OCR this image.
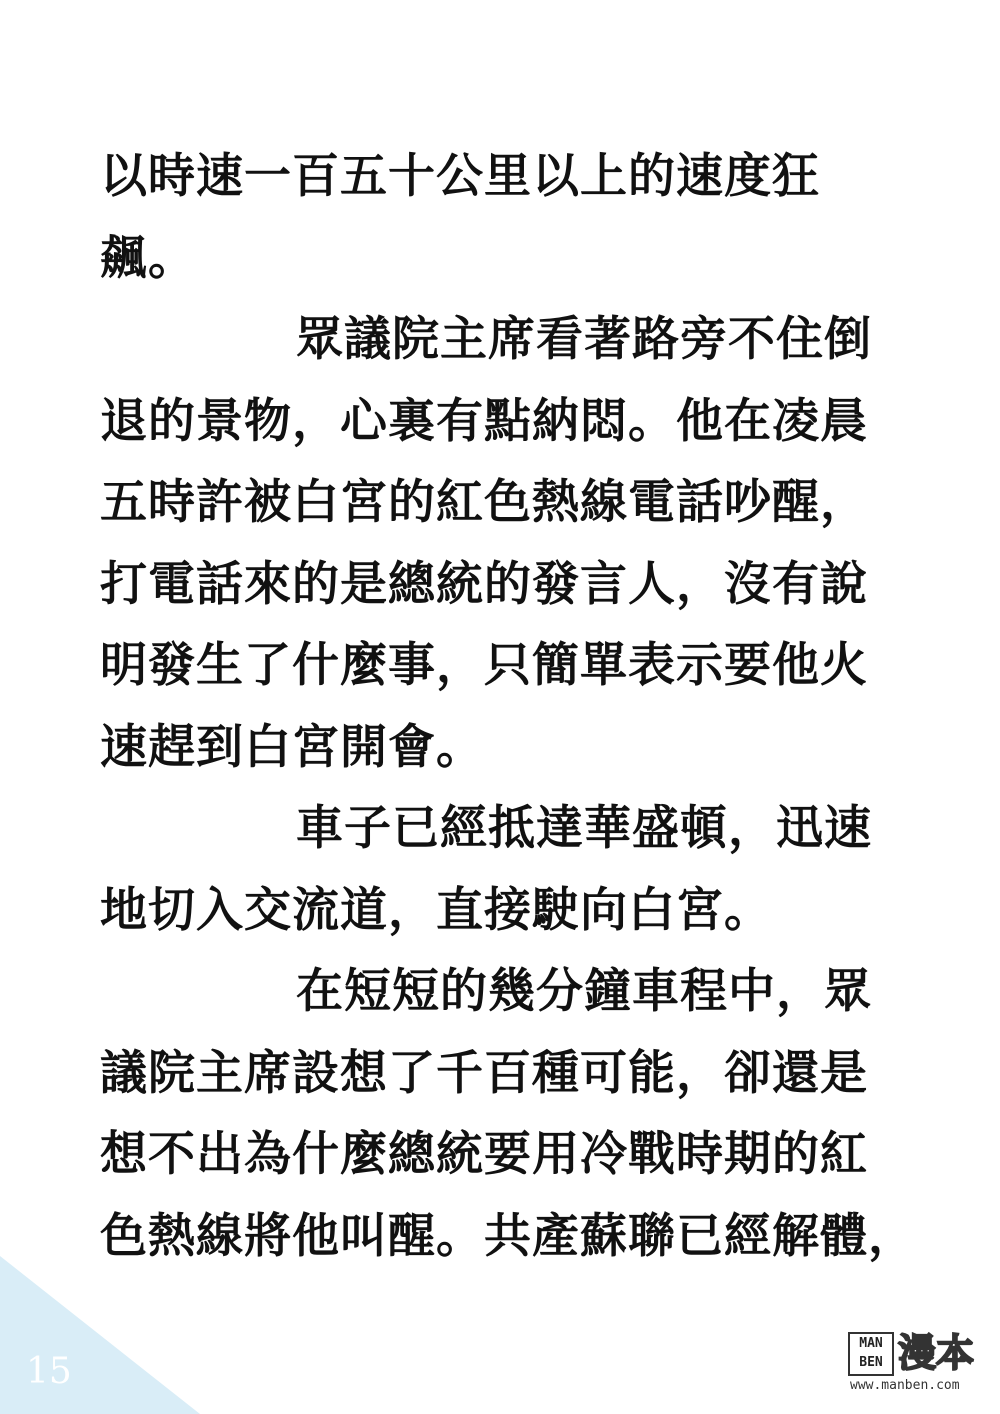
以時速一百五十公里以上的速度狂
飆。
眾議院主席看著路旁不住倒
退的景物，心裏有點納悶。他在凌晨
五時許被白宮的紅色熱線電話吵醒，
打電話來的是總統的發言人，沒有說
明發生了什麼事，只簡單表示要他火
速趕到白宮開會。
車子已經抵達華盛頓，迅速
地切入交流道，直接駛向白宮。
在短短的幾分鐘車程中，眾
議院主席設想了千百種可能，卻還是
想不出為什麼總統要用冷戰時期的紅
色熱線將他叫醒。共產蘇聯已經解體，
15
MAN BEN 漫本
www.manben.com
